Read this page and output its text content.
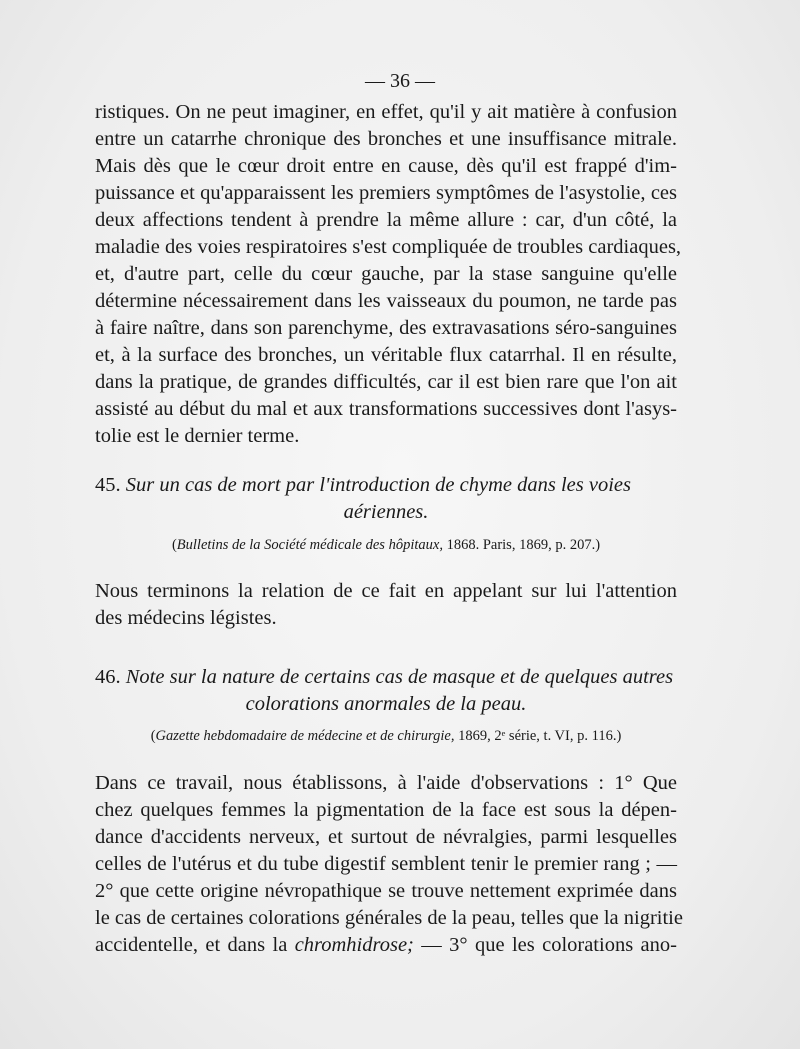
— 36 —

ristiques. On ne peut imaginer, en effet, qu'il y ait matière à confusion
entre un catarrhe chronique des bronches et une insuffisance mitrale.
Mais dès que le cœur droit entre en cause, dès qu'il est frappé d'im-
puissance et qu'apparaissent les premiers symptômes de l'asystolie, ces
deux affections tendent à prendre la même allure : car, d'un côté, la
maladie des voies respiratoires s'est compliquée de troubles cardiaques,
et, d'autre part, celle du cœur gauche, par la stase sanguine qu'elle
détermine nécessairement dans les vaisseaux du poumon, ne tarde pas
à faire naître, dans son parenchyme, des extravasations séro-sanguines
et, à la surface des bronches, un véritable flux catarrhal. Il en résulte,
dans la pratique, de grandes difficultés, car il est bien rare que l'on ait
assisté au début du mal et aux transformations successives dont l'asys-
tolie est le dernier terme.

45. Sur un cas de mort par l'introduction de chyme dans les voies
aériennes.

(Bulletins de la Société médicale des hôpitaux, 1868. Paris, 1869, p. 207.)

Nous terminons la relation de ce fait en appelant sur lui l'attention
des médecins légistes.

46. Note sur la nature de certains cas de masque et de quelques autres
colorations anormales de la peau.

(Gazette hebdomadaire de médecine et de chirurgie, 1869, 2ᵉ série, t. VI, p. 116.)

Dans ce travail, nous établissons, à l'aide d'observations : 1° Que
chez quelques femmes la pigmentation de la face est sous la dépen-
dance d'accidents nerveux, et surtout de névralgies, parmi lesquelles
celles de l'utérus et du tube digestif semblent tenir le premier rang ; —
2° que cette origine névropathique se trouve nettement exprimée dans
le cas de certaines colorations générales de la peau, telles que la nigritie

accidentelle, et dans la chromhidrose; — 3° que les colorations ano-
